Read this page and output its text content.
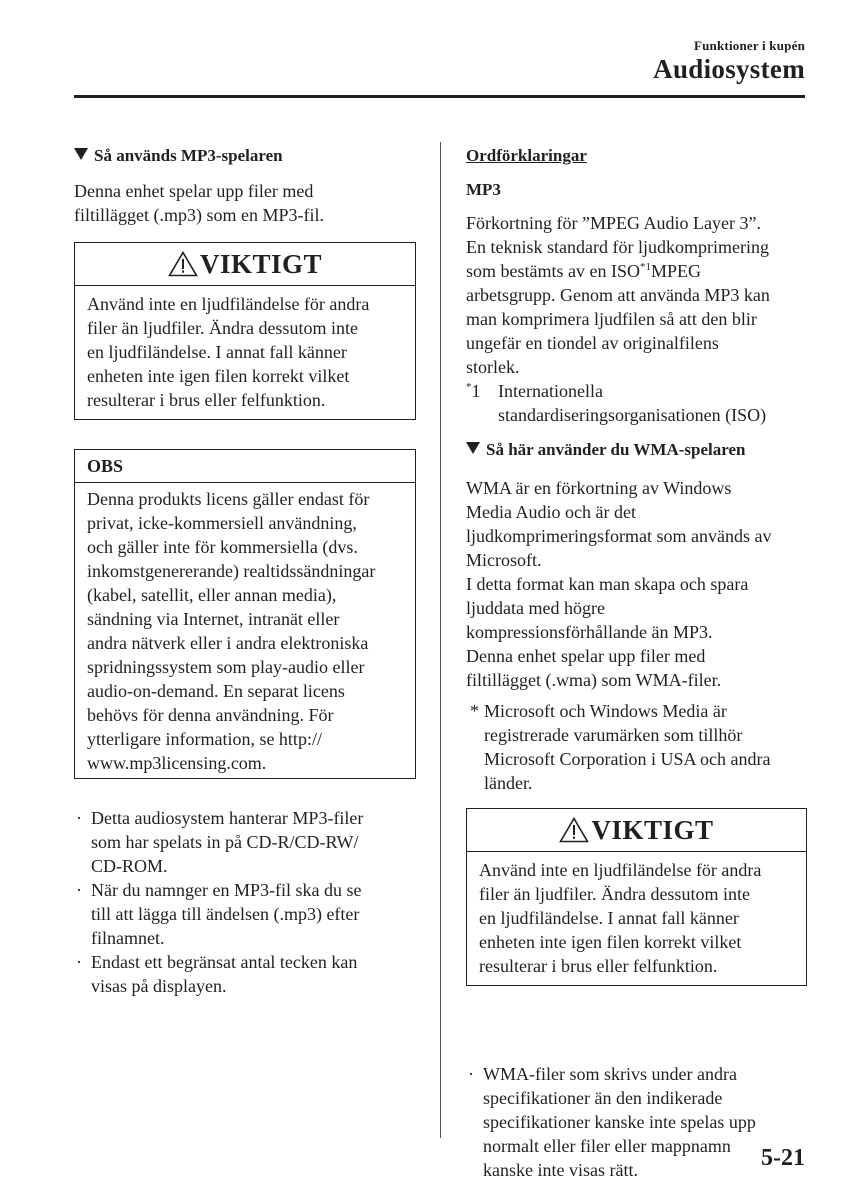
Funktioner i kupén
Audiosystem
Så används MP3-spelaren
Denna enhet spelar upp filer med
filtillägget (.mp3) som en MP3-fil.
VIKTIGT
Använd inte en ljudfiländelse för andra
filer än ljudfiler. Ändra dessutom inte
en ljudfiländelse. I annat fall känner
enheten inte igen filen korrekt vilket
resulterar i brus eller felfunktion.
OBS
Denna produkts licens gäller endast för
privat, icke-kommersiell användning,
och gäller inte för kommersiella (dvs.
inkomstgenererande) realtidssändningar
(kabel, satellit, eller annan media),
sändning via Internet, intranät eller
andra nätverk eller i andra elektroniska
spridningssystem som play-audio eller
audio-on-demand. En separat licens
behövs för denna användning. För
ytterligare information, se http://
www.mp3licensing.com.
· Detta audiosystem hanterar MP3-filer
som har spelats in på CD-R/CD-RW/
CD-ROM.
· När du namnger en MP3-fil ska du se
till att lägga till ändelsen (.mp3) efter
filnamnet.
· Endast ett begränsat antal tecken kan
visas på displayen.
Ordförklaringar
MP3
Förkortning för ”MPEG Audio Layer 3”.
En teknisk standard för ljudkomprimering
som bestämts av en ISO$^{*1}$MPEG
arbetsgrupp. Genom att använda MP3 kan
man komprimera ljudfilen så att den blir
ungefär en tiondel av originalfilens
storlek.
*1 Internationella
standardiseringsorganisationen (ISO)
Så här använder du WMA-spelaren
WMA är en förkortning av Windows
Media Audio och är det
ljudkomprimeringsformat som används av
Microsoft.
I detta format kan man skapa och spara
ljuddata med högre
kompressionsförhållande än MP3.
Denna enhet spelar upp filer med
filtillägget (.wma) som WMA-filer.
* Microsoft och Windows Media är
registrerade varumärken som tillhör
Microsoft Corporation i USA och andra
länder.
VIKTIGT
Använd inte en ljudfiländelse för andra
filer än ljudfiler. Ändra dessutom inte
en ljudfiländelse. I annat fall känner
enheten inte igen filen korrekt vilket
resulterar i brus eller felfunktion.
· WMA-filer som skrivs under andra
specifikationer än den indikerade
specifikationer kanske inte spelas upp
normalt eller filer eller mappnamn
kanske inte visas rätt.	5-21
